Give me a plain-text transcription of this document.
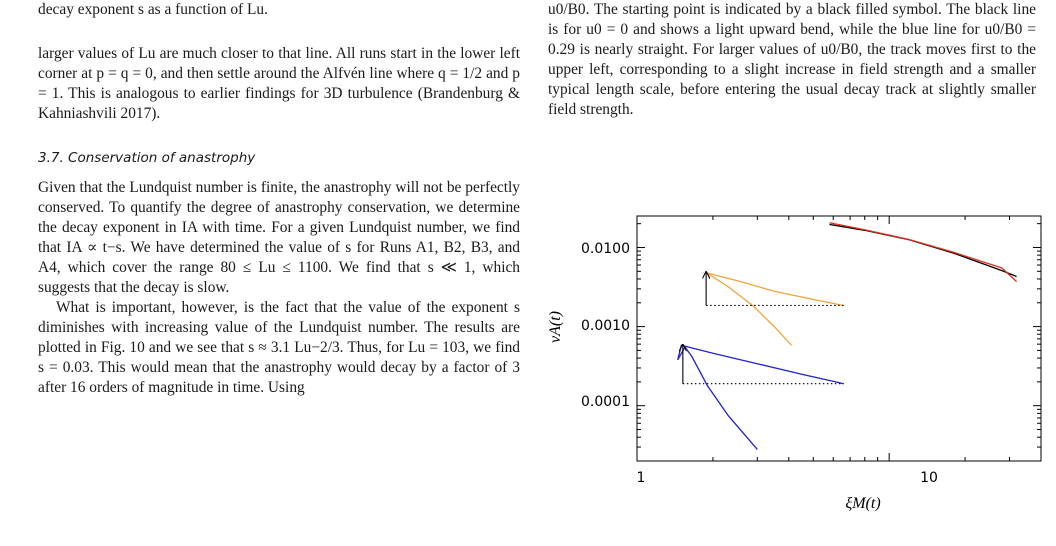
decay exponent s as a function of Lu.

larger values of Lu are much closer to that line. All runs start in the lower left corner at p = q = 0, and then settle around the Alfvén line where q = 1/2 and p = 1. This is analogous to earlier findings for 3D turbulence (Brandenburg & Kahniashvili 2017).

3.7. Conservation of anastrophy

Given that the Lundquist number is finite, the anastrophy will not be perfectly conserved. To quantify the degree of anastrophy conservation, we determine the decay exponent in IA with time. For a given Lundquist number, we find that IA ∝ t−s. We have determined the value of s for Runs A1, B2, B3, and A4, which cover the range 80 ≤ Lu ≤ 1100. We find that s ≪ 1, which suggests that the decay is slow.

What is important, however, is the fact that the value of the exponent s diminishes with increasing value of the Lundquist number. The results are plotted in Fig. 10 and we see that s ≈ 3.1 Lu−2/3. Thus, for Lu = 103, we find s = 0.03. This would mean that the anastrophy would decay by a factor of 3 after 16 orders of magnitude in time. Using

u0/B0. The starting point is indicated by a black filled symbol. The black line is for u0 = 0 and shows a light upward bend, while the blue line for u0/B0 = 0.29 is nearly straight. For larger values of u0/B0, the track moves first to the upper left, corresponding to a slight increase in field strength and a smaller typical length scale, before entering the usual decay track at slightly smaller field strength.

1	10
0.0100
0.0010
0.0001
ξM(t)
vA(t)
